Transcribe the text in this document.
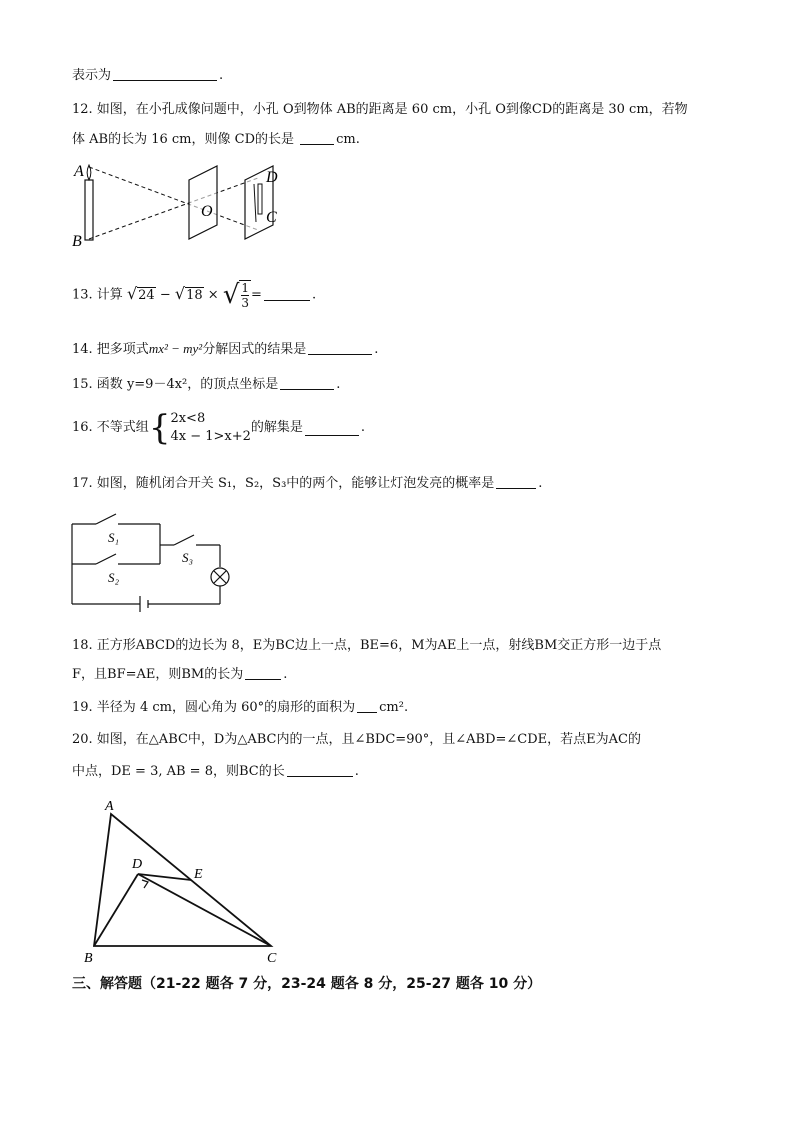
表示为	.
12. 如图，在小孔成像问题中，小孔 O到物体 AB的距离是 60 cm，小孔 O到像CD的距离是 30 cm，若物
体 AB的长为 16 cm，则像 CD的长是	cm.
A
B
O
D
C
13. 计算 √24 − √18 × √ $\frac{1}{3}$ =	.
14. 把多项式mx² − my²分解因式的结果是	.
15. 函数 y=9－4x²，的顶点坐标是	.
16. 不等式组{ 2x<8
4x − 1>x+2
的解集是	.
17. 如图，随机闭合开关 S₁，S₂，S₃中的两个，能够让灯泡发亮的概率是	.
S₁
S₂
S₃
18. 正方形ABCD的边长为 8，E为BC边上一点，BE=6，M为AE上一点，射线BM交正方形一边于点
F，且BF=AE，则BM的长为	.
19. 半径为 4 cm，圆心角为 60°的扇形的面积为 cm².
20. 如图，在△ABC中，D为△ABC内的一点，且∠BDC=90°，且∠ABD=∠CDE，若点E为AC的
中点，DE = 3, AB = 8，则BC的长	.
A
B	C
D
E
三、解答题（21-22 题各 7 分，23-24 题各 8 分，25-27 题各 10 分）
